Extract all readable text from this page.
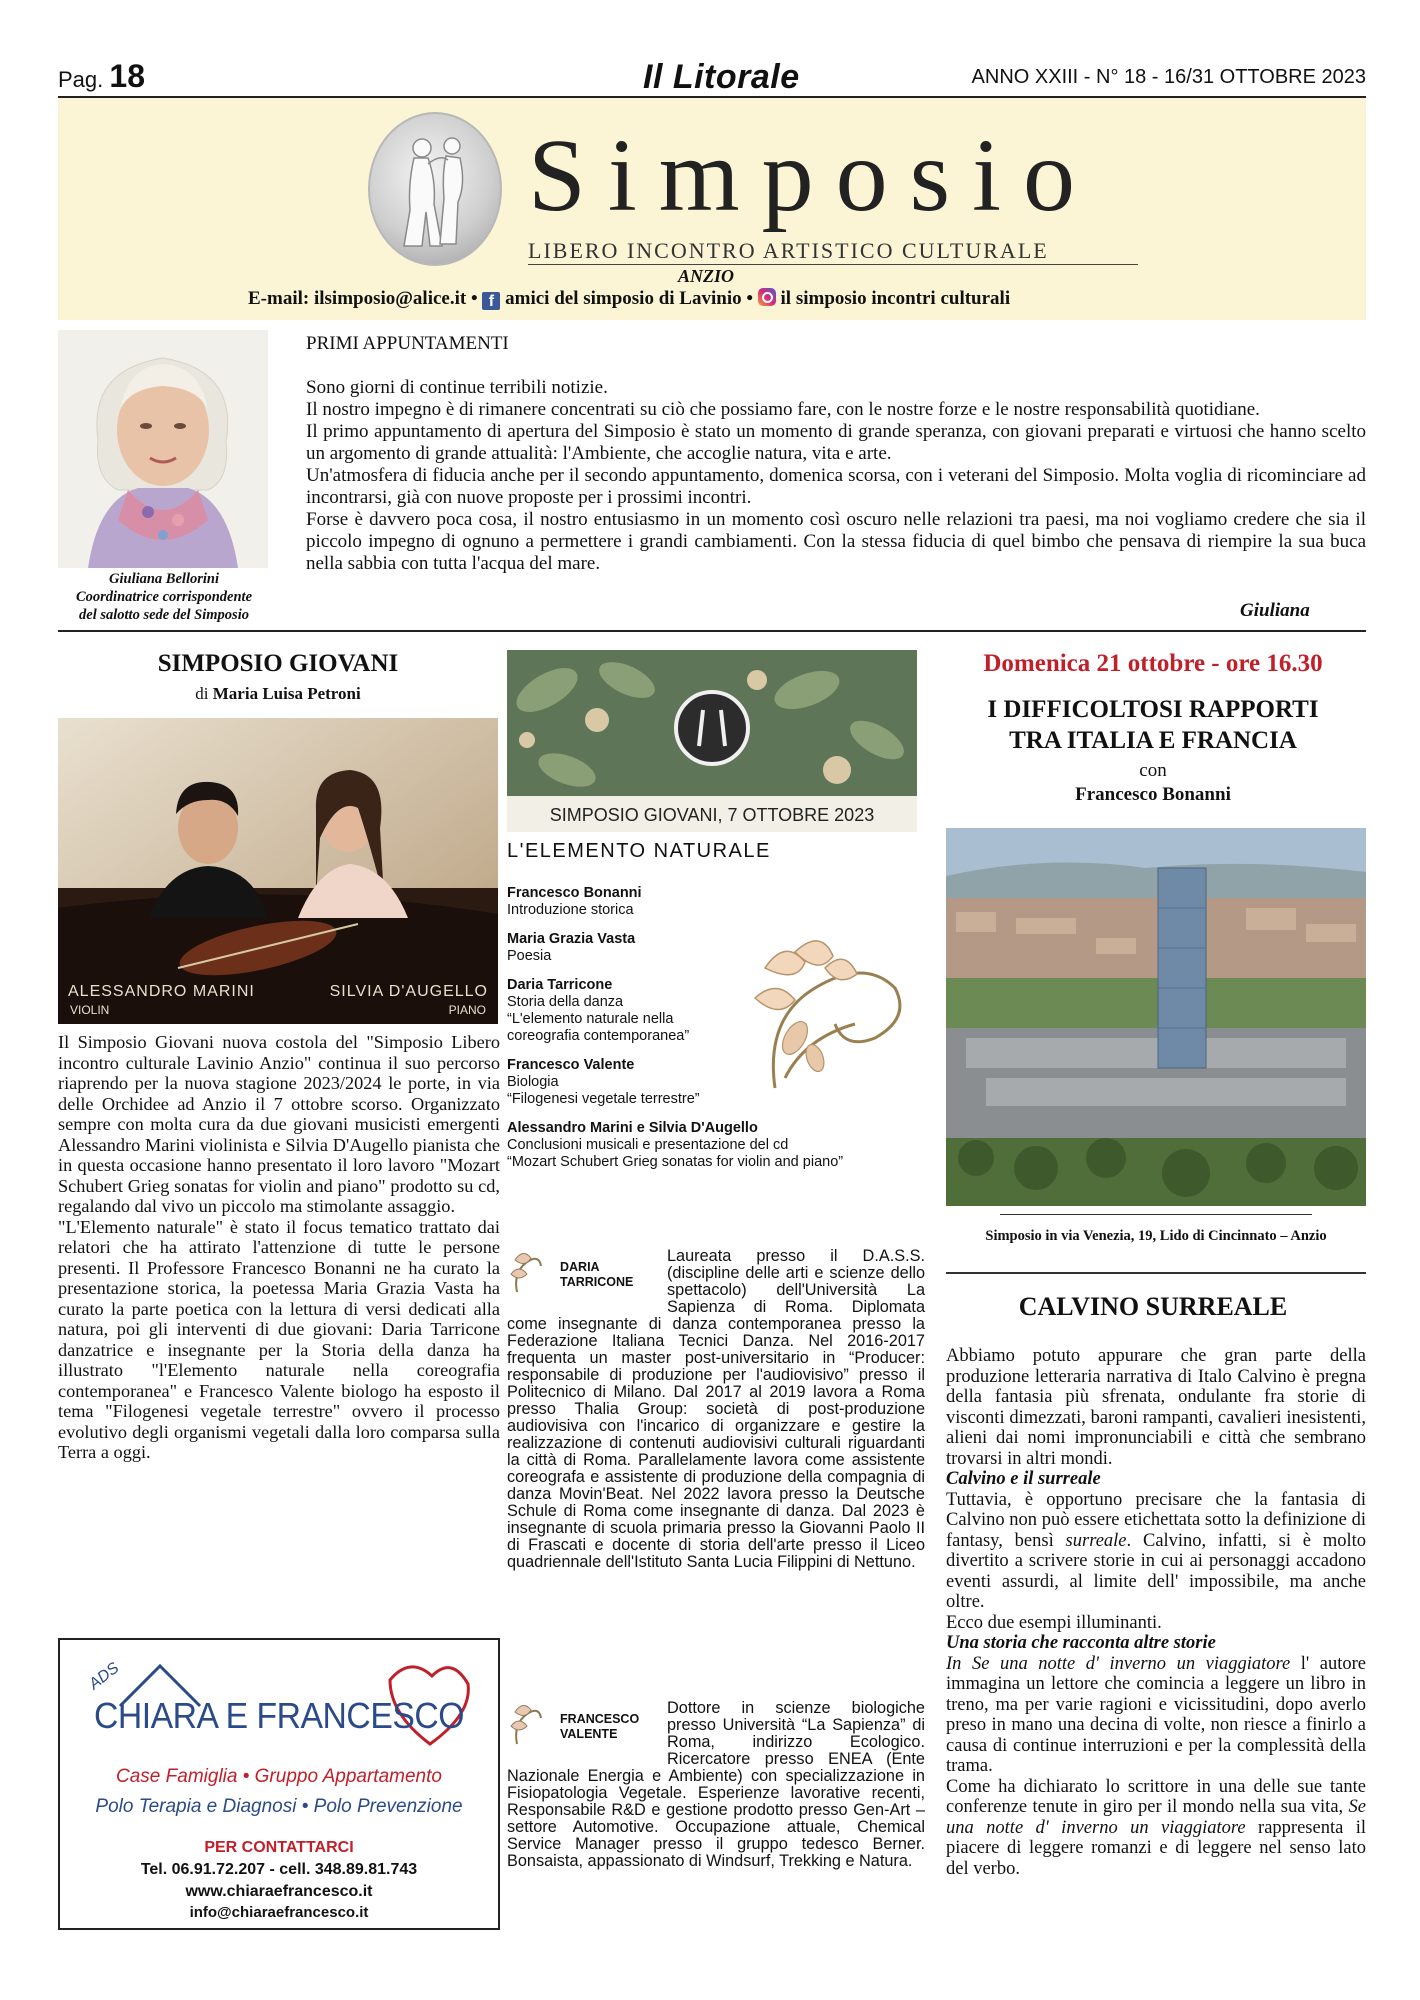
Pag. 18	Il Litorale	ANNO XXIII - N° 18 - 16/31 OTTOBRE 2023
Simposio
LIBERO INCONTRO ARTISTICO CULTURALE
ANZIO
E-mail: ilsimposio@alice.it • f amici del simposio di Lavinio • il simposio incontri culturali
Giuliana Bellorini
Coordinatrice corrispondente
del salotto sede del Simposio
PRIMI APPUNTAMENTI

Sono giorni di continue terribili notizie.

Il nostro impegno è di rimanere concentrati su ciò che possiamo fare, con le nostre forze e le nostre responsabilità quotidiane.

Il primo appuntamento di apertura del Simposio è stato un momento di grande speranza, con giovani preparati e virtuosi che hanno scelto un argomento di grande attualità: l'Ambiente, che accoglie natura, vita e arte.

Un'atmosfera di fiducia anche per il secondo appuntamento, domenica scorsa, con i veterani del Simposio. Molta voglia di ricominciare ad incontrarsi, già con nuove proposte per i prossimi incontri.

Forse è davvero poca cosa, il nostro entusiasmo in un momento così oscuro nelle relazioni tra paesi, ma noi vogliamo credere che sia il piccolo impegno di ognuno a permettere i grandi cambiamenti. Con la stessa fiducia di quel bimbo che pensava di riempire la sua buca nella sabbia con tutta l'acqua del mare.

Giuliana
SIMPOSIO GIOVANI
di Maria Luisa Petroni
ALESSANDRO MARINI
VIOLIN
SILVIA D'AUGELLO
PIANO

Il Simposio Giovani nuova costola del "Simposio Libero incontro culturale Lavinio Anzio" continua il suo percorso riaprendo per la nuova stagione 2023/2024 le porte, in via delle Orchidee ad Anzio il 7 ottobre scorso. Organizzato sempre con molta cura da due giovani musicisti emergenti Alessandro Marini violinista e Silvia D'Augello pianista che in questa occasione hanno presentato il loro lavoro "Mozart Schubert Grieg sonatas for violin and piano" prodotto su cd, regalando dal vivo un piccolo ma stimolante assaggio.

"L'Elemento naturale" è stato il focus tematico trattato dai relatori che ha attirato l'attenzione di tutte le persone presenti. Il Professore Francesco Bonanni ne ha curato la presentazione storica, la poetessa Maria Grazia Vasta ha curato la parte poetica con la lettura di versi dedicati alla natura, poi gli interventi di due giovani: Daria Tarricone danzatrice e insegnante per la Storia della danza ha illustrato "l'Elemento naturale nella coreografia contemporanea" e Francesco Valente biologo ha esposto il tema "Filogenesi vegetale terrestre" ovvero il processo evolutivo degli organismi vegetali dalla loro comparsa sulla Terra a oggi.

ADS
CHIARA E FRANCESCO
Case Famiglia • Gruppo Appartamento
Polo Terapia e Diagnosi • Polo Prevenzione
PER CONTATTARCI
Tel. 06.91.72.207 - cell. 348.89.81.743
www.chiaraefrancesco.it
info@chiaraefrancesco.it
SIMPOSIO GIOVANI, 7 OTTOBRE 2023
L'ELEMENTO NATURALE
Francesco Bonanni
Introduzione storica
Maria Grazia Vasta
Poesia
Daria Tarricone
Storia della danza
“L'elemento naturale nella
coreografia contemporanea”
Francesco Valente
Biologia
“Filogenesi vegetale terrestre”
Alessandro Marini e Silvia D'Augello
Conclusioni musicali e presentazione del cd
“Mozart Schubert Grieg sonatas for violin and piano”
DARIA
TARRICONE
Laureata presso il D.A.S.S. (discipline delle arti e scienze dello spettacolo) dell'Università La Sapienza di Roma. Diplomata come insegnante di danza contemporanea presso la Federazione Italiana Tecnici Danza. Nel 2016-2017 frequenta un master post-universitario in “Producer: responsabile di produzione per l'audiovisivo” presso il Politecnico di Milano. Dal 2017 al 2019 lavora a Roma presso Thalia Group: società di post-produzione audiovisiva con l'incarico di organizzare e gestire la realizzazione di contenuti audiovisivi culturali riguardanti la città di Roma. Parallelamente lavora come assistente coreografa e assistente di produzione della compagnia di danza Movin'Beat. Nel 2022 lavora presso la Deutsche Schule di Roma come insegnante di danza. Dal 2023 è insegnante di scuola primaria presso la Giovanni Paolo II di Frascati e docente di storia dell'arte presso il Liceo quadriennale dell'Istituto Santa Lucia Filippini di Nettuno.
FRANCESCO
VALENTE
Dottore in scienze biologiche presso Università “La Sapienza” di Roma, indirizzo Ecologico. Ricercatore presso ENEA (Ente Nazionale Energia e Ambiente) con specializzazione in Fisiopatologia Vegetale. Esperienze lavorative recenti, Responsabile R&D e gestione prodotto presso Gen-Art – settore Automotive. Occupazione attuale, Chemical Service Manager presso il gruppo tedesco Berner. Bonsaista, appassionato di Windsurf, Trekking e Natura.
Domenica 21 ottobre - ore 16.30
I DIFFICOLTOSI RAPPORTI
TRA ITALIA E FRANCIA
con
Francesco Bonanni
Simposio in via Venezia, 19, Lido di Cincinnato – Anzio
CALVINO SURREALE

Abbiamo potuto appurare che gran parte della produzione letteraria narrativa di Italo Calvino è pregna della fantasia più sfrenata, ondulante fra storie di visconti dimezzati, baroni rampanti, cavalieri inesistenti, alieni dai nomi impronunciabili e città che sembrano trovarsi in altri mondi.

Calvino e il surreale

Tuttavia, è opportuno precisare che la fantasia di Calvino non può essere etichettata sotto la definizione di fantasy, bensì surreale. Calvino, infatti, si è molto divertito a scrivere storie in cui ai personaggi accadono eventi assurdi, al limite dell' impossibile, ma anche oltre.

Ecco due esempi illuminanti.

Una storia che racconta altre storie

In Se una notte d' inverno un viaggiatore l' autore immagina un lettore che comincia a leggere un libro in treno, ma per varie ragioni e vicissitudini, dopo averlo preso in mano una decina di volte, non riesce a finirlo a causa di continue interruzioni e per la complessità della trama.

Come ha dichiarato lo scrittore in una delle sue tante conferenze tenute in giro per il mondo nella sua vita, Se una notte d' inverno un viaggiatore rappresenta il piacere di leggere romanzi e di leggere nel senso lato del verbo.
